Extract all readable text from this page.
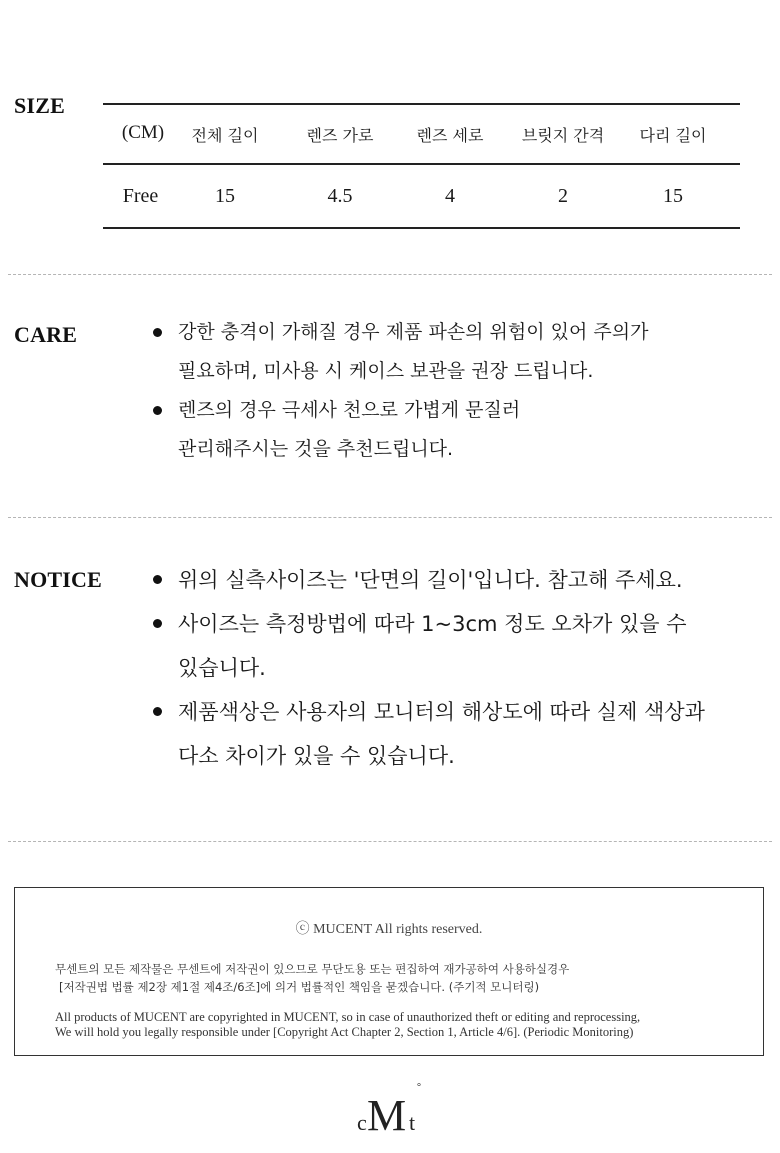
SIZE
(CM)	전체 길이	렌즈 가로	렌즈 세로	브릿지 간격	다리 길이
Free	15	4.5	4	2	15
CARE	강한 충격이 가해질 경우 제품 파손의 위험이 있어 주의가
필요하며, 미사용 시 케이스 보관을 권장 드립니다.
렌즈의 경우 극세사 천으로 가볍게 문질러
관리해주시는 것을 추천드립니다.
NOTICE	위의 실측사이즈는 '단면의 길이'입니다. 참고해 주세요.
사이즈는 측정방법에 따라 1~3cm 정도 오차가 있을 수
있습니다.
제품색상은 사용자의 모니터의 해상도에 따라 실제 색상과
다소 차이가 있을 수 있습니다.
ⓒ MUCENT All rights reserved.
무센트의 모든 제작물은 무센트에 저작권이 있으므로 무단도용 또는 편집하여 재가공하여 사용하실경우
[저작권법 법률 제2장 제1절 제4조/6조]에 의거 법률적인 책임을 묻겠습니다. (주기적 모니터링)
All products of MUCENT are copyrighted in MUCENT, so in case of unauthorized theft or editing and reprocessing,
We will hold you legally responsible under [Copyright Act Chapter 2, Section 1, Article 4/6]. (Periodic Monitoring)
c M t
°
